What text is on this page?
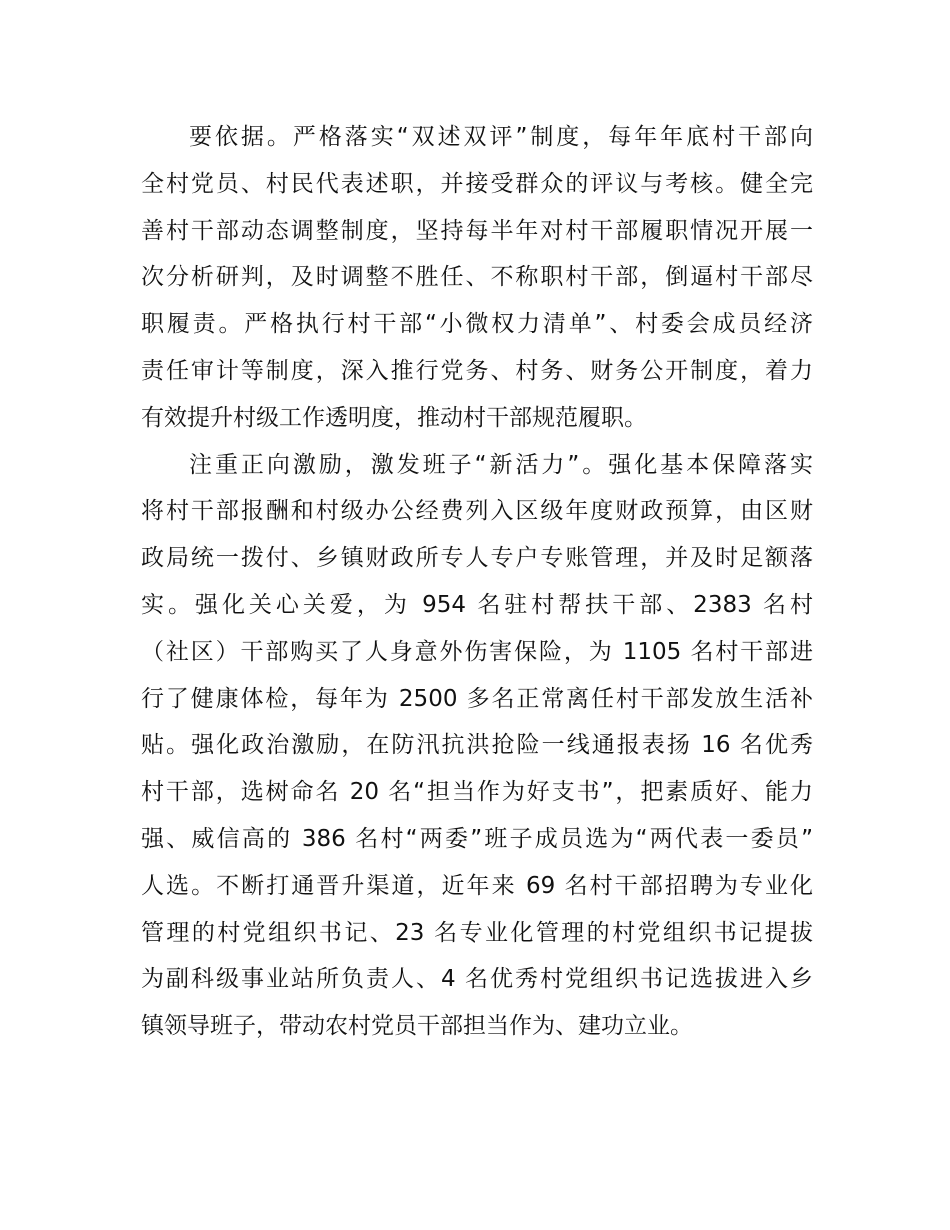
要依据。严格落实“双述双评”制度，每年年底村干部向
全村党员、村民代表述职，并接受群众的评议与考核。健全完
善村干部动态调整制度，坚持每半年对村干部履职情况开展一
次分析研判，及时调整不胜任、不称职村干部，倒逼村干部尽
职履责。严格执行村干部“小微权力清单”、村委会成员经济
责任审计等制度，深入推行党务、村务、财务公开制度，着力
有效提升村级工作透明度，推动村干部规范履职。
注重正向激励，激发班子“新活力”。强化基本保障落实
将村干部报酬和村级办公经费列入区级年度财政预算，由区财
政局统一拨付、乡镇财政所专人专户专账管理，并及时足额落
实。强化关心关爱，为 954 名驻村帮扶干部、2383 名村
（社区）干部购买了人身意外伤害保险，为 1105 名村干部进
行了健康体检，每年为 2500 多名正常离任村干部发放生活补
贴。强化政治激励，在防汛抗洪抢险一线通报表扬 16 名优秀
村干部，选树命名 20 名“担当作为好支书”，把素质好、能力
强、威信高的 386 名村“两委”班子成员选为“两代表一委员”
人选。不断打通晋升渠道，近年来 69 名村干部招聘为专业化
管理的村党组织书记、23 名专业化管理的村党组织书记提拔
为副科级事业站所负责人、4 名优秀村党组织书记选拔进入乡
镇领导班子，带动农村党员干部担当作为、建功立业。
